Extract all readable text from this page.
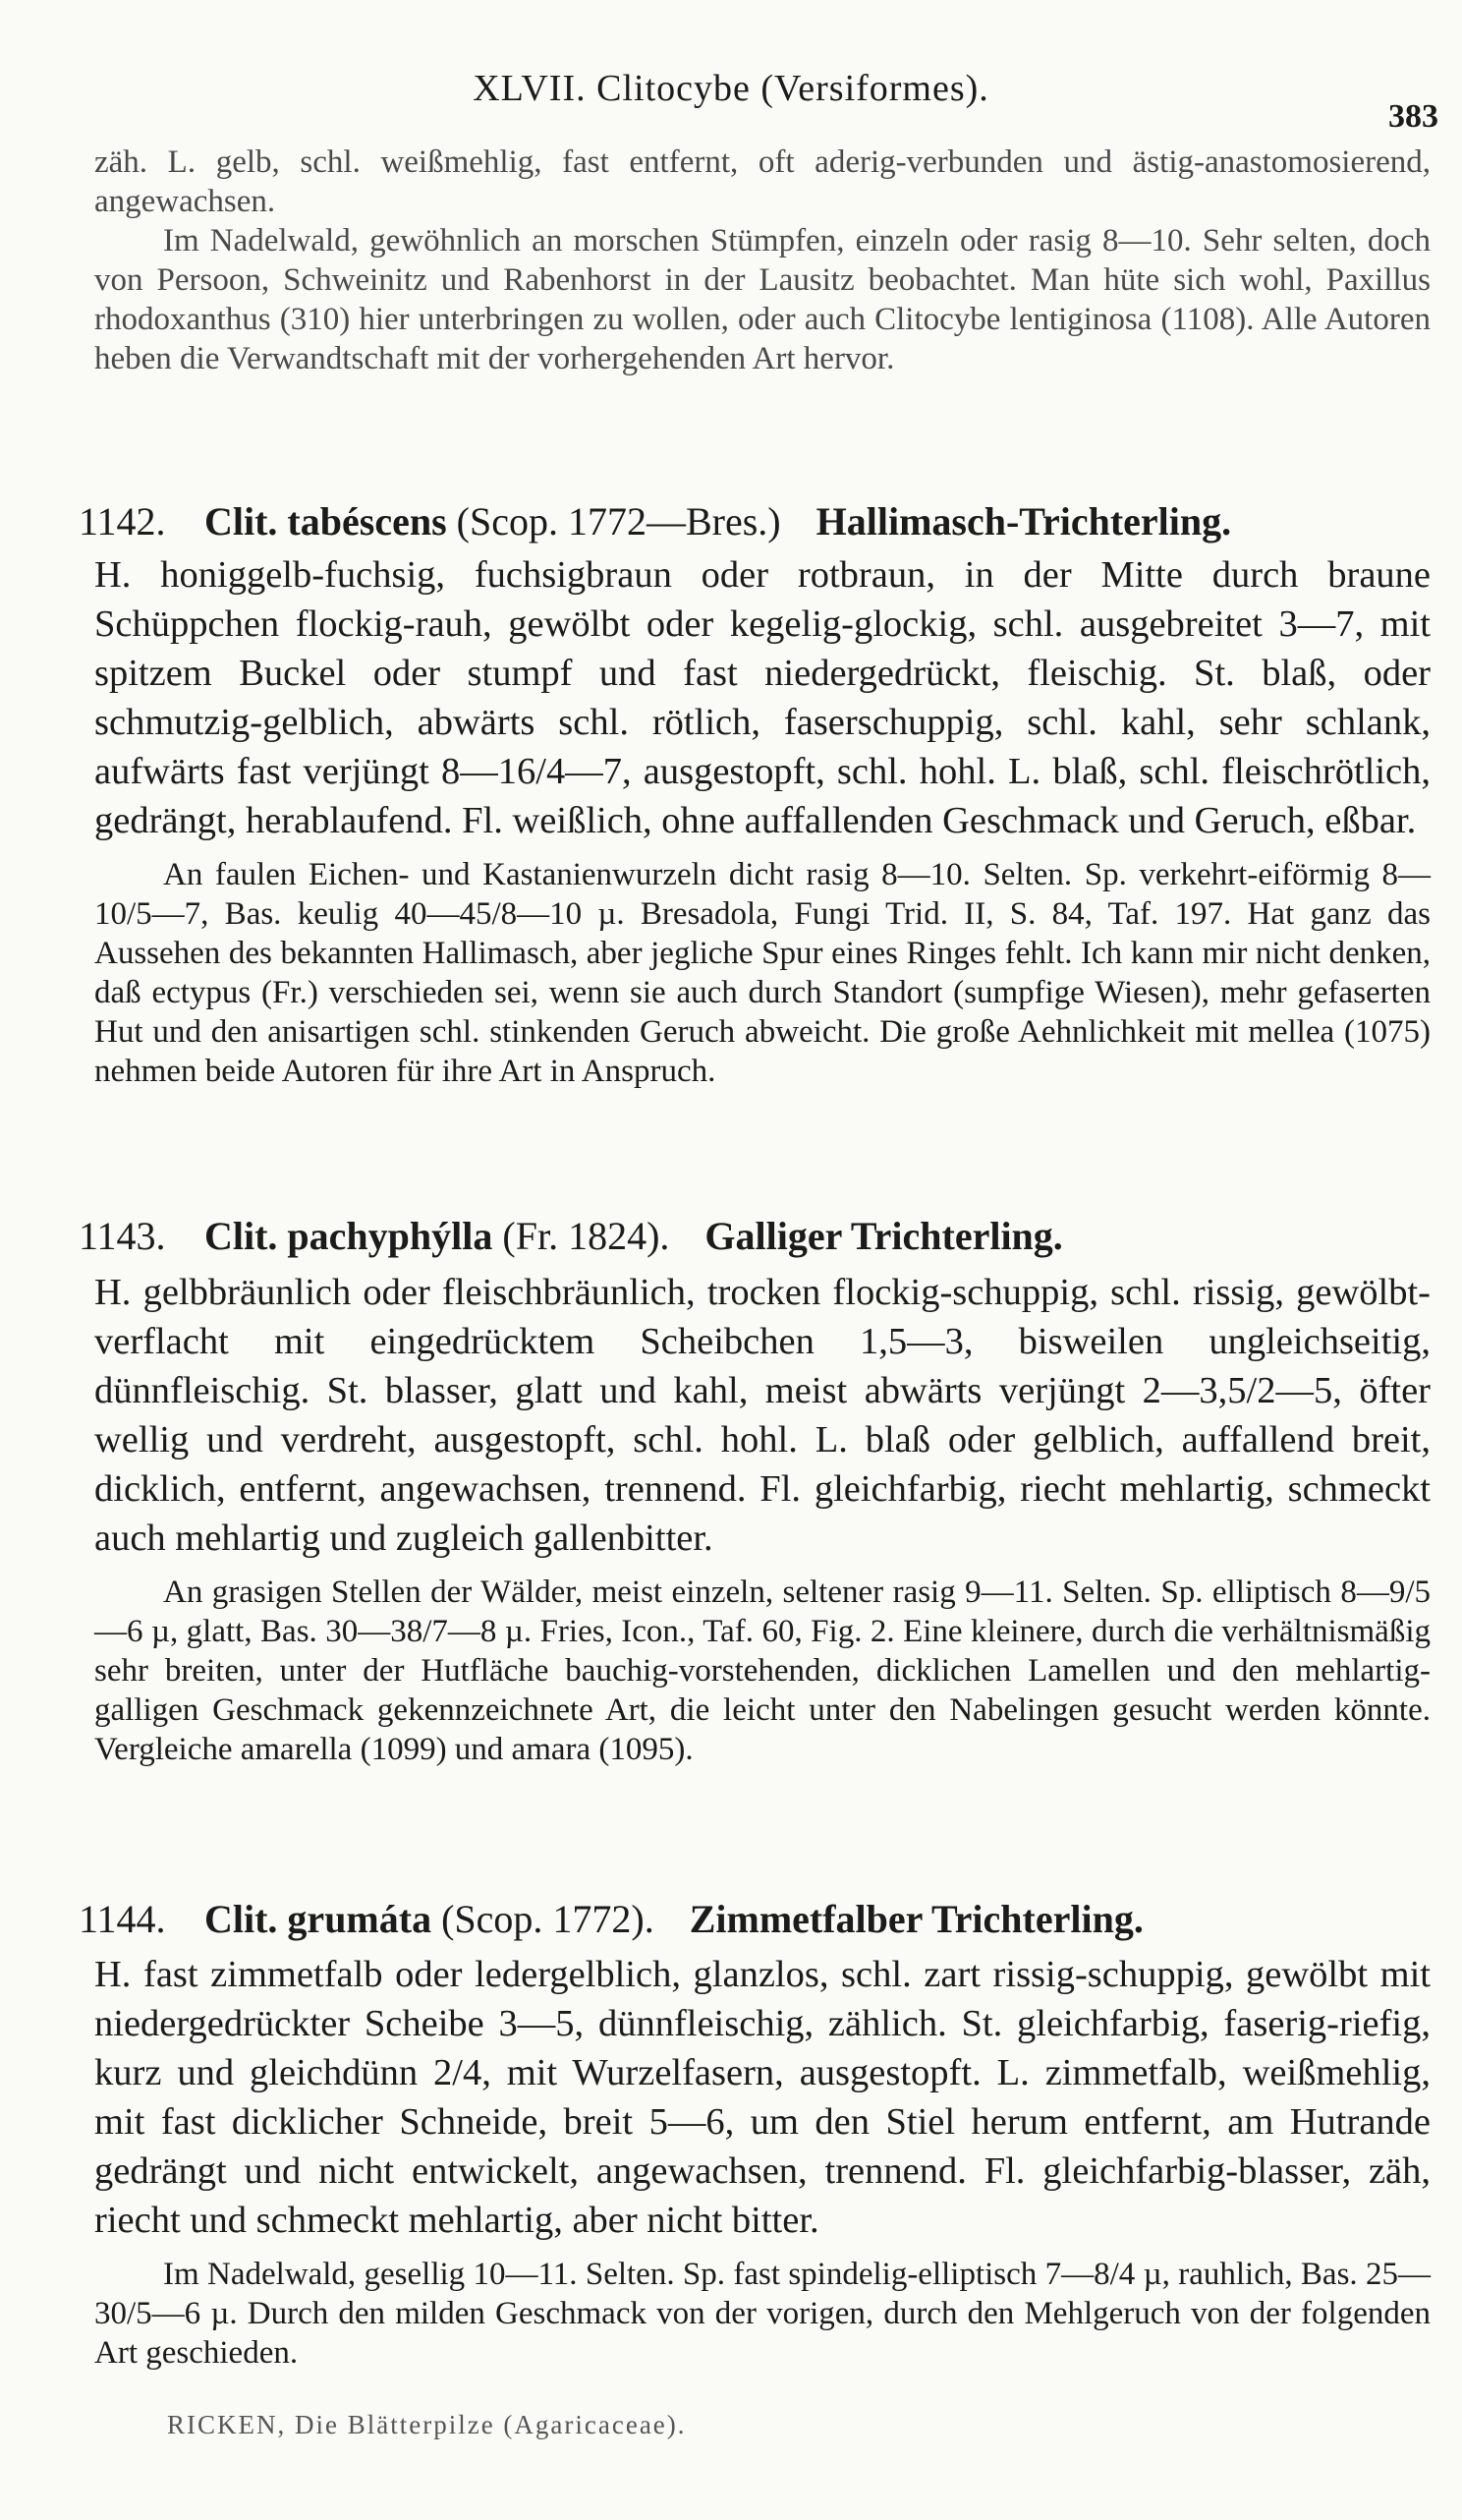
XLVII. Clitocybe (Versiformes).
383

zäh. L. gelb, schl. weißmehlig, fast entfernt, oft aderig-verbunden und ästig-anastomosierend, angewachsen.

Im Nadelwald, gewöhnlich an morschen Stümpfen, einzeln oder rasig 8—10. Sehr selten, doch von Persoon, Schweinitz und Rabenhorst in der Lausitz beobachtet. Man hüte sich wohl, Paxillus rhodoxanthus (310) hier unterbringen zu wollen, oder auch Clitocybe lentiginosa (1108). Alle Autoren heben die Verwandtschaft mit der vorhergehenden Art hervor.

1142. Clit. tabéscens (Scop. 1772—Bres.) Hallimasch-Trichterling.

H. honiggelb-fuchsig, fuchsigbraun oder rotbraun, in der Mitte durch braune Schüppchen flockig-rauh, gewölbt oder kegelig-glockig, schl. ausgebreitet 3—7, mit spitzem Buckel oder stumpf und fast niedergedrückt, fleischig. St. blaß, oder schmutzig-gelblich, abwärts schl. rötlich, faserschuppig, schl. kahl, sehr schlank, aufwärts fast verjüngt 8—16/4—7, ausgestopft, schl. hohl. L. blaß, schl. fleischrötlich, gedrängt, herablaufend. Fl. weißlich, ohne auffallenden Geschmack und Geruch, eßbar.

An faulen Eichen- und Kastanienwurzeln dicht rasig 8—10. Selten. Sp. verkehrt-eiförmig 8—10/5—7, Bas. keulig 40—45/8—10 µ. Bresadola, Fungi Trid. II, S. 84, Taf. 197. Hat ganz das Aussehen des bekannten Hallimasch, aber jegliche Spur eines Ringes fehlt. Ich kann mir nicht denken, daß ectypus (Fr.) verschieden sei, wenn sie auch durch Standort (sumpfige Wiesen), mehr gefaserten Hut und den anisartigen schl. stinkenden Geruch abweicht. Die große Aehnlichkeit mit mellea (1075) nehmen beide Autoren für ihre Art in Anspruch.

1143. Clit. pachyphýlla (Fr. 1824). Galliger Trichterling.

H. gelbbräunlich oder fleischbräunlich, trocken flockig-schuppig, schl. rissig, gewölbt-verflacht mit eingedrücktem Scheibchen 1,5—3, bisweilen ungleichseitig, dünnfleischig. St. blasser, glatt und kahl, meist abwärts verjüngt 2—3,5/2—5, öfter wellig und verdreht, ausgestopft, schl. hohl. L. blaß oder gelblich, auffallend breit, dicklich, entfernt, angewachsen, trennend. Fl. gleichfarbig, riecht mehlartig, schmeckt auch mehlartig und zugleich gallenbitter.

An grasigen Stellen der Wälder, meist einzeln, seltener rasig 9—11. Selten. Sp. elliptisch 8—9/5—6 µ, glatt, Bas. 30—38/7—8 µ. Fries, Icon., Taf. 60, Fig. 2. Eine kleinere, durch die verhältnismäßig sehr breiten, unter der Hutfläche bauchig-vorstehenden, dicklichen Lamellen und den mehlartig-galligen Geschmack gekennzeichnete Art, die leicht unter den Nabelingen gesucht werden könnte. Vergleiche amarella (1099) und amara (1095).

1144. Clit. grumáta (Scop. 1772). Zimmetfalber Trichterling.

H. fast zimmetfalb oder ledergelblich, glanzlos, schl. zart rissig-schuppig, gewölbt mit niedergedrückter Scheibe 3—5, dünnfleischig, zählich. St. gleichfarbig, faserig-riefig, kurz und gleichdünn 2/4, mit Wurzelfasern, ausgestopft. L. zimmetfalb, weißmehlig, mit fast dicklicher Schneide, breit 5—6, um den Stiel herum entfernt, am Hutrande gedrängt und nicht entwickelt, angewachsen, trennend. Fl. gleichfarbig-blasser, zäh, riecht und schmeckt mehlartig, aber nicht bitter.

Im Nadelwald, gesellig 10—11. Selten. Sp. fast spindelig-elliptisch 7—8/4 µ, rauhlich, Bas. 25—30/5—6 µ. Durch den milden Geschmack von der vorigen, durch den Mehlgeruch von der folgenden Art geschieden.

RICKEN, Die Blätterpilze (Agaricaceae).
